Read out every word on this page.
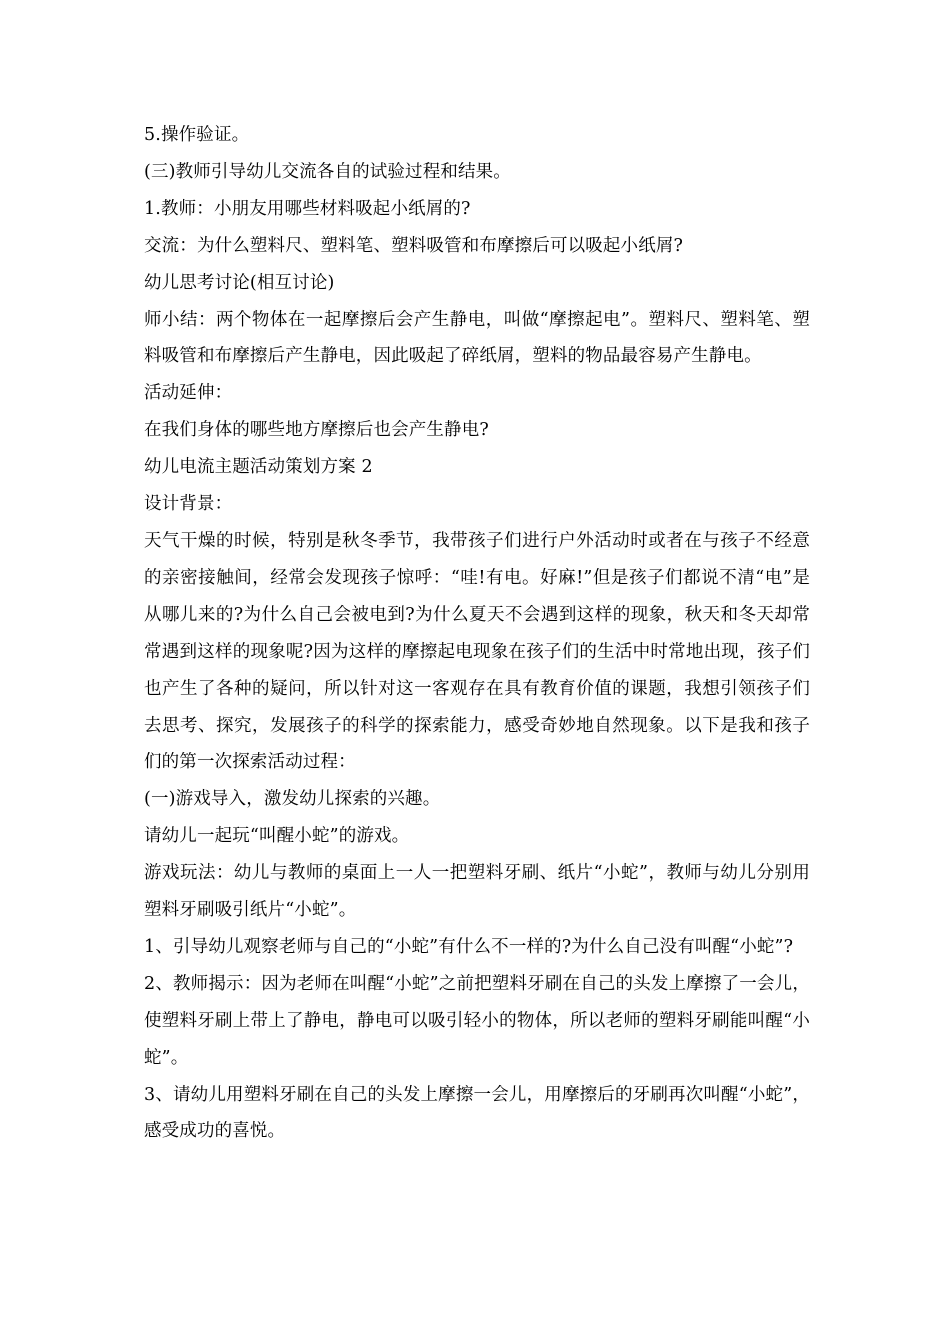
5.操作验证。

(三)教师引导幼儿交流各自的试验过程和结果。

1.教师：小朋友用哪些材料吸起小纸屑的?

交流：为什么塑料尺、塑料笔、塑料吸管和布摩擦后可以吸起小纸屑?

幼儿思考讨论(相互讨论)

师小结：两个物体在一起摩擦后会产生静电，叫做“摩擦起电”。塑料尺、塑料笔、塑料吸管和布摩擦后产生静电，因此吸起了碎纸屑，塑料的物品最容易产生静电。

活动延伸：

在我们身体的哪些地方摩擦后也会产生静电?

幼儿电流主题活动策划方案 2

设计背景：

天气干燥的时候，特别是秋冬季节，我带孩子们进行户外活动时或者在与孩子不经意的亲密接触间，经常会发现孩子惊呼：“哇!有电。好麻!”但是孩子们都说不清“电”是从哪儿来的?为什么自己会被电到?为什么夏天不会遇到这样的现象，秋天和冬天却常常遇到这样的现象呢?因为这样的摩擦起电现象在孩子们的生活中时常地出现，孩子们也产生了各种的疑问，所以针对这一客观存在具有教育价值的课题，我想引领孩子们去思考、探究，发展孩子的科学的探索能力，感受奇妙地自然现象。以下是我和孩子们的第一次探索活动过程：

(一)游戏导入，激发幼儿探索的兴趣。

请幼儿一起玩“叫醒小蛇”的游戏。

游戏玩法：幼儿与教师的桌面上一人一把塑料牙刷、纸片“小蛇”，教师与幼儿分别用塑料牙刷吸引纸片“小蛇”。

1、引导幼儿观察老师与自己的“小蛇”有什么不一样的?为什么自己没有叫醒“小蛇”?

2、教师揭示：因为老师在叫醒“小蛇”之前把塑料牙刷在自己的头发上摩擦了一会儿，使塑料牙刷上带上了静电，静电可以吸引轻小的物体，所以老师的塑料牙刷能叫醒“小蛇”。

3、请幼儿用塑料牙刷在自己的头发上摩擦一会儿，用摩擦后的牙刷再次叫醒“小蛇”，感受成功的喜悦。
